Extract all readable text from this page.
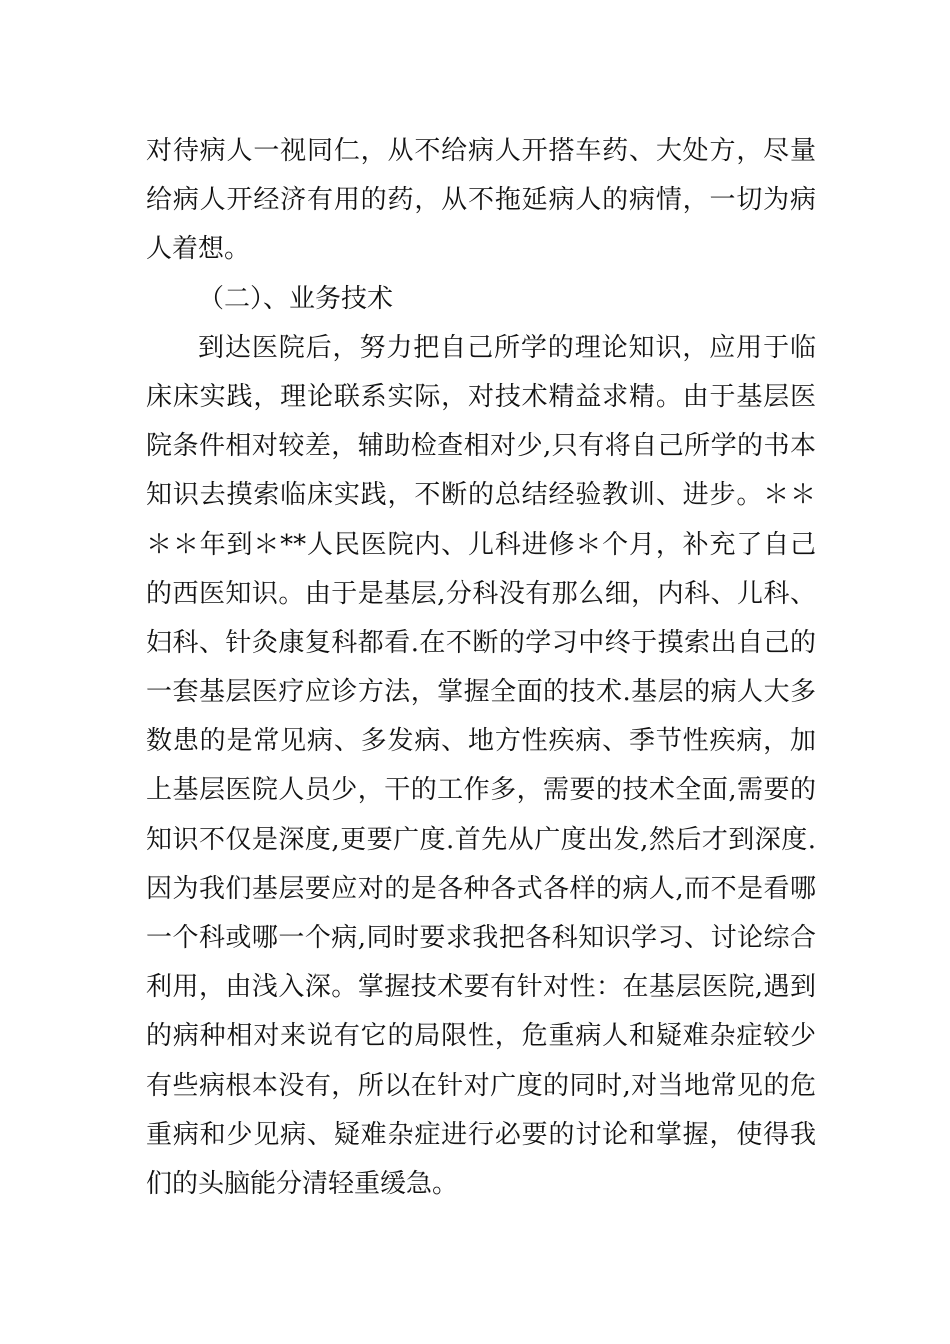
对待病人一视同仁，从不给病人开搭车药、大处方，尽量
给病人开经济有用的药，从不拖延病人的病情，一切为病
人着想。
（二）、业务技术
到达医院后，努力把自己所学的理论知识，应用于临
床床实践，理论联系实际，对技术精益求精。由于基层医
院条件相对较差，辅助检查相对少,只有将自己所学的书本
知识去摸索临床实践，不断的总结经验教训、进步。＊＊
＊＊年到＊**人民医院内、儿科进修＊个月，补充了自己
的西医知识。由于是基层,分科没有那么细，内科、儿科、
妇科、针灸康复科都看.在不断的学习中终于摸索出自己的
一套基层医疗应诊方法，掌握全面的技术.基层的病人大多
数患的是常见病、多发病、地方性疾病、季节性疾病，加
上基层医院人员少，干的工作多，需要的技术全面,需要的
知识不仅是深度,更要广度.首先从广度出发,然后才到深度.
因为我们基层要应对的是各种各式各样的病人,而不是看哪
一个科或哪一个病,同时要求我把各科知识学习、讨论综合
利用，由浅入深。掌握技术要有针对性：在基层医院,遇到
的病种相对来说有它的局限性，危重病人和疑难杂症较少
有些病根本没有，所以在针对广度的同时,对当地常见的危
重病和少见病、疑难杂症进行必要的讨论和掌握，使得我
们的头脑能分清轻重缓急。
